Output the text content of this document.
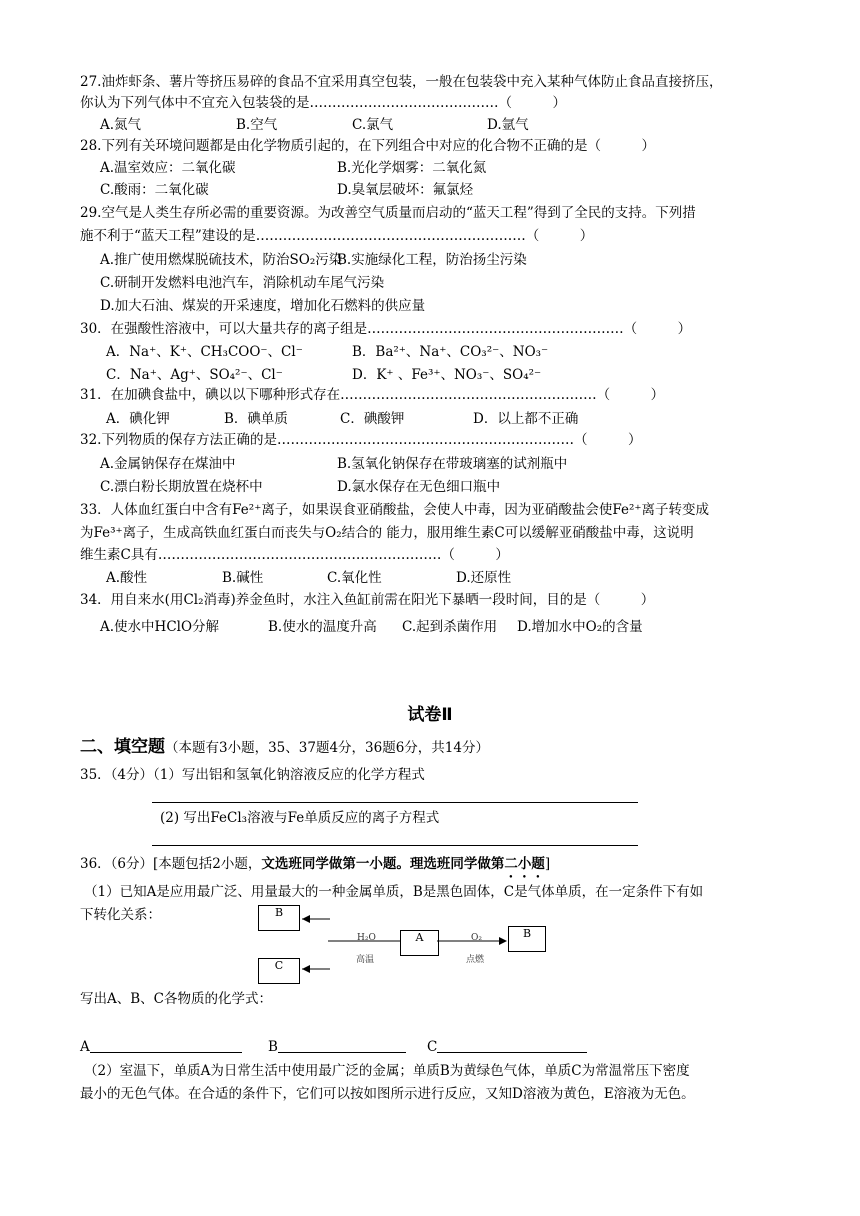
27.油炸虾条、薯片等挤压易碎的食品不宜采用真空包装，一般在包装袋中充入某种气体防止食品直接挤压，
你认为下列气体中不宜充入包装袋的是……………………………………（　　　）
A.氮气	B.空气	C.氯气	D.氩气
28.下列有关环境问题都是由化学物质引起的，在下列组合中对应的化合物不正确的是（　　　）
A.温室效应：二氧化碳	B.光化学烟雾：二氧化氮
C.酸雨：二氧化碳	D.臭氧层破坏：氟氯烃
29.空气是人类生存所必需的重要资源。为改善空气质量而启动的“蓝天工程”得到了全民的支持。下列措
施不利于“蓝天工程”建设的是……………………………………………………（　　　）
A.推广使用燃煤脱硫技术，防治SO₂污染
B.实施绿化工程，防治扬尘污染
C.研制开发燃料电池汽车，消除机动车尾气污染
D.加大石油、煤炭的开采速度，增加化石燃料的供应量
30．在强酸性溶液中，可以大量共存的离子组是…………………………………………………（　　　）
A．Na⁺、K⁺、CH₃COO⁻、Cl⁻	B．Ba²⁺、Na⁺、CO₃²⁻、NO₃⁻
C．Na⁺、Ag⁺、SO₄²⁻、Cl⁻	D．K⁺ 、Fe³⁺、NO₃⁻、SO₄²⁻
31．在加碘食盐中，碘以以下哪种形式存在…………………………………………………（　　　）
A．碘化钾	B．碘单质	C．碘酸钾	D．以上都不正确
32.下列物质的保存方法正确的是…………………………………………………………（　　　）
A.金属钠保存在煤油中	B.氢氧化钠保存在带玻璃塞的试剂瓶中
C.漂白粉长期放置在烧杯中	D.氯水保存在无色细口瓶中
33．人体血红蛋白中含有Fe²⁺离子，如果误食亚硝酸盐，会使人中毒，因为亚硝酸盐会使Fe²⁺离子转变成
为Fe³⁺离子，生成高铁血红蛋白而丧失与O₂结合的 能力，服用维生素C可以缓解亚硝酸盐中毒，这说明
维生素C具有………………………………………………………（　　　）
A.酸性	B.碱性	C.氧化性	D.还原性
34．用自来水(用Cl₂消毒)养金鱼时，水注入鱼缸前需在阳光下暴晒一段时间，目的是（　　　）
A.使水中HClO分解	B.使水的温度升高 C.起到杀菌作用 D.增加水中O₂的含量
试卷Ⅱ
二、填空题（本题有3小题，35、37题4分，36题6分，共14分）
35．（4分）（1）写出铝和氢氧化钠溶液反应的化学方程式
(2) 写出FeCl₃溶液与Fe单质反应的离子方程式
36．（6分）[本题包括2小题，文选班同学做第一小题。理选班同学做第二小题]
（1）已知A是应用最广泛、用量最大的一种金属单质，B是黑色固体，C是气体单质，在一定条件下有如
下转化关系：	B
C
A	B
H₂O
高温
O₂
点燃
写出A、B、C各物质的化学式：
A	B	C
（2）室温下，单质A为日常生活中使用最广泛的金属；单质B为黄绿色气体，单质C为常温常压下密度
最小的无色气体。在合适的条件下，它们可以按如图所示进行反应，又知D溶液为黄色，E溶液为无色。
